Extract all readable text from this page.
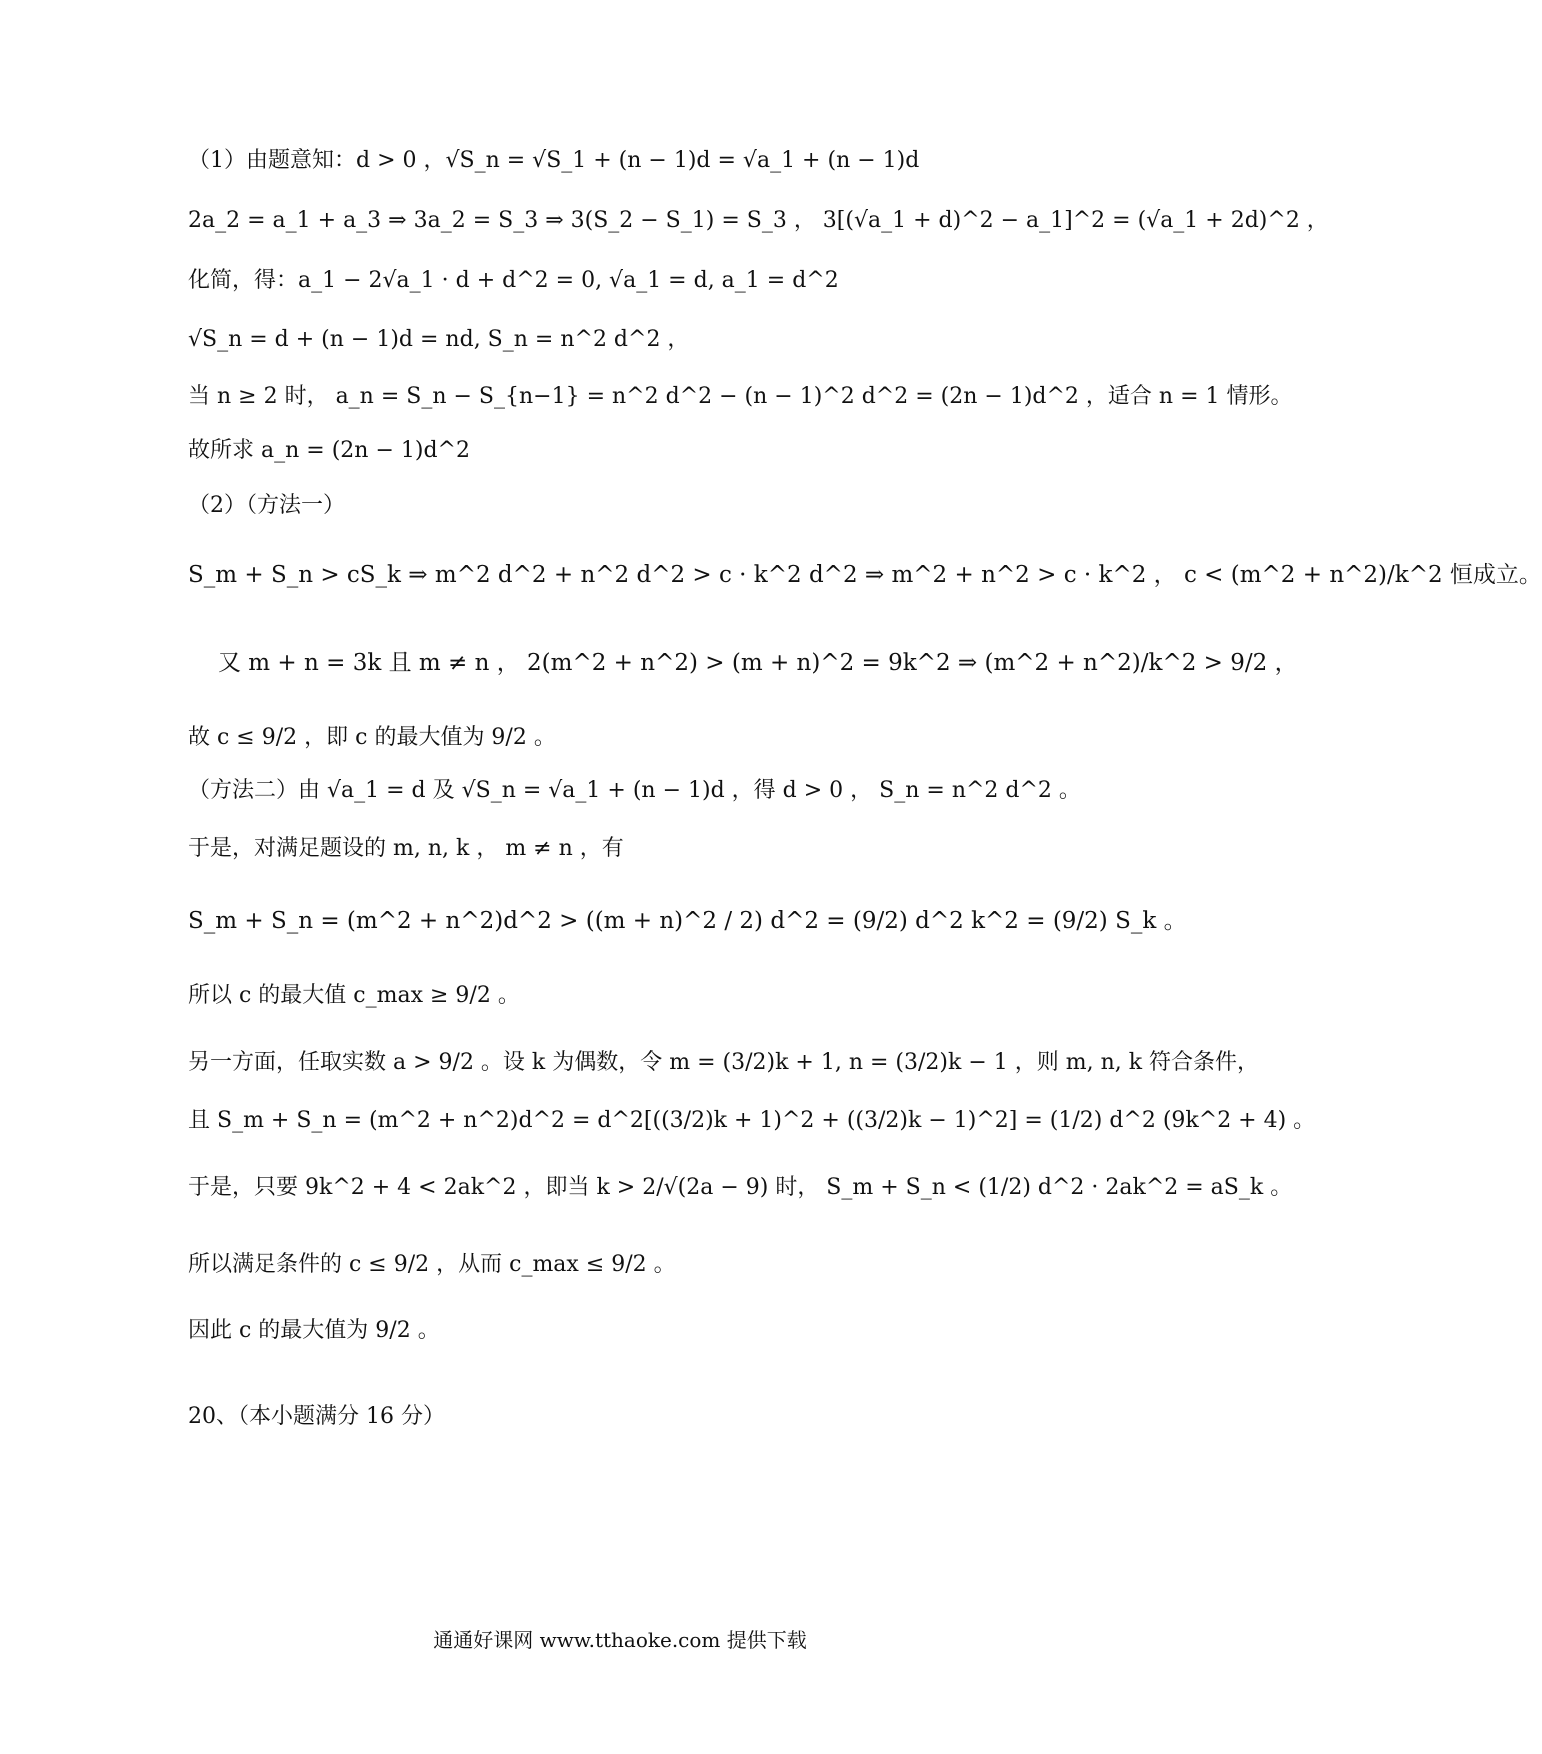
（1）由题意知：d > 0 ，√S_n = √S_1 + (n − 1)d = √a_1 + (n − 1)d
2a_2 = a_1 + a_3 ⇒ 3a_2 = S_3 ⇒ 3(S_2 − S_1) = S_3 ， 3[(√a_1 + d)^2 − a_1]^2 = (√a_1 + 2d)^2 ，
化简，得：a_1 − 2√a_1 · d + d^2 = 0, √a_1 = d, a_1 = d^2
√S_n = d + (n − 1)d = nd, S_n = n^2 d^2 ，
当 n ≥ 2 时， a_n = S_n − S_{n−1} = n^2 d^2 − (n − 1)^2 d^2 = (2n − 1)d^2 ，适合 n = 1 情形。
故所求 a_n = (2n − 1)d^2
（2）（方法一）
S_m + S_n > cS_k ⇒ m^2 d^2 + n^2 d^2 > c · k^2 d^2 ⇒ m^2 + n^2 > c · k^2 ， c < (m^2 + n^2)/k^2 恒成立。
又 m + n = 3k 且 m ≠ n ， 2(m^2 + n^2) > (m + n)^2 = 9k^2 ⇒ (m^2 + n^2)/k^2 > 9/2 ，
故 c ≤ 9/2 ，即 c 的最大值为 9/2 。
（方法二）由 √a_1 = d 及 √S_n = √a_1 + (n − 1)d ，得 d > 0 ， S_n = n^2 d^2 。
于是，对满足题设的 m, n, k ， m ≠ n ，有
S_m + S_n = (m^2 + n^2)d^2 > ((m + n)^2 / 2) d^2 = (9/2) d^2 k^2 = (9/2) S_k 。
所以 c 的最大值 c_max ≥ 9/2 。
另一方面，任取实数 a > 9/2 。设 k 为偶数，令 m = (3/2)k + 1, n = (3/2)k − 1 ，则 m, n, k 符合条件，
且 S_m + S_n = (m^2 + n^2)d^2 = d^2[((3/2)k + 1)^2 + ((3/2)k − 1)^2] = (1/2) d^2 (9k^2 + 4) 。
于是，只要 9k^2 + 4 < 2ak^2 ，即当 k > 2/√(2a − 9) 时， S_m + S_n < (1/2) d^2 · 2ak^2 = aS_k 。
所以满足条件的 c ≤ 9/2 ，从而 c_max ≤ 9/2 。
因此 c 的最大值为 9/2 。
20、（本小题满分 16 分）
通通好课网 www.tthaoke.com 提供下载
